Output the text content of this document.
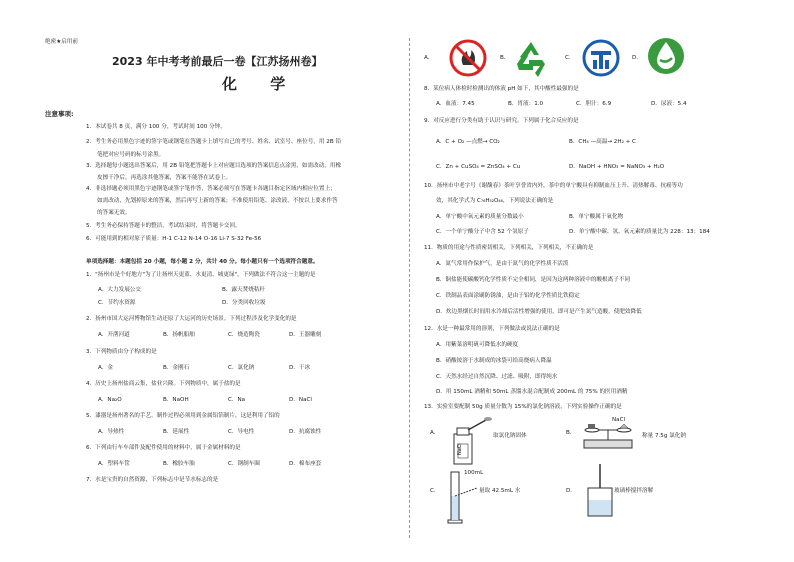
绝密★启用前
2023 年中考考前最后一卷【江苏扬州卷】
化 学
注意事项:
1．本试卷共 8 页，满分 100 分，考试时间 100 分钟。
2．考生务必用黑色字迹的签字笔或钢笔在答题卡上填写自己的考号、姓名、试室号、座位号，用 2B 铅
笔把对应号码的标号涂黑。
3．选择题每小题选出答案后，用 2B 铅笔把答题卡上对应题目选项的答案信息点涂黑，如需改动，用橡
皮擦干净后，再选涂其他答案，答案不能答在试卷上。
4．非选择题必须用黑色字迹钢笔或签字笔作答，答案必须写在答题卡各题目指定区域内相应位置上；
如需改动，先划掉原来的答案，然后再写上新的答案；不准使用铅笔、涂改液，不按以上要求作答
的答案无效。
5．考生务必保持答题卡的整洁，考试结束时，将答题卡交回。
6．可能用到的相对原子质量：H-1 C-12 N-14 O-16 Li-7 S-32 Fe-56
单项选择题：本题包括 20 小题，每小题 2 分，共计 40 分。每小题只有一个选项符合题意。
1．"扬州市是个好地方"为了让扬州天更蓝、水更清、城更绿"，下列做法不符合这一主题的是
A．大力发展公交	B．露天焚烧秸秆
C．节约水资源	D．分类回收垃圾
2．扬州市国大运河博物馆生动还原了大运河的历史场景。下列过程涉及化学变化的是
A．开凿河道	B．扬帆船舶	C．烧造陶瓷	D．王器雕刻
3．下列物质由分子构成的是
A．金	B．金刚石	C．氯化钠	D．干冰
4．历史上扬州盐商云集，盐业兴隆。下列物质中，属于盐的是
A．Na₂O	B．NaOH	C．Na	D．NaCl
5．漆器是扬州著名的手艺。制作过程必须用到金属铝箔制片，这是利用了铝的
A．导热性	B．延展性	C．导电性	D．抗腐蚀性
6．下列由行车车部件及配件使用的材料中，属于金属材料的是
A．塑料车筐	B．橡胶车胎	C．钢制车圈	D．棉布座套
7．水是宝贵的自然资源，下列标志中是节水标志的是
A．	B．	C．	D．
8．某位病人体检时检测出的体液 pH 如下，其中酸性最强的是
A．血液：7.45	B．胃液：1.0	C．胆汁：6.9	D．尿液：5.4
9．对反应进行分类有助于认识与研究。下列属于化合反应的是
A．C + O₂ —点燃→ CO₂	B．CH₄ —高温→ 2H₂ + C
C．Zn + CuSO₄ = ZnSO₄ + Cu	D．NaOH + HNO₃ = NaNO₃ + H₂O
10．扬州市中老字号《谢馥春》茶叶享誉省内外，茶中的单宁酸具有抑制血压上升、清热解毒、抗癌等功
效，其化学式为 C₇₆H₅₂O₄₆，下列说法正确的是
A．单宁酸中氧元素的质量分数最小	B．单宁酸属于氧化物
C．一个单宁酸分子中含 52 个氢原子	D．单宁酸中碳、氢、氧元素的质量比为 228：13：184
11．物质的用途与性质密切相关，下列相关，下列相关，不正确的是
A．氮气常用作保护气，是由于氮气的化学性质不活泼
B．铜盐能使碳酸钙化学性质不完全相同，是因为这两种溶液中的酸根离子不同
C．铁制品表面涂刷防锈油，是由于铝的化学性质比铁稳定
D．炊边黑烟长时间用水冷却后活性增强的使用，即可是产生氮气造酸，使肥效降低
12．水是一种最常用的溶剂，下列做法或说法正确的是
A．用紫菜溶明矾可降低水的硬度
B．硝酸铵溶于水制成的冰袋可给高烧病人降温
C．天然水经过自然沉降、过滤、吸附，即得纯水
D．用 150mL 酒精和 50mL 蒸馏水混合配制成 200mL 的 75% 的医用酒精
13．实验室要配制 50g 质量分数为 15%的氯化钠溶液，下列实验操作正确的是
A．
NaCl
取氯化钠固体	B．
NaCl
称量 7.5g 氯化钠
C．
100mL
量取 42.5mL 水	D．	玻璃棒搅拌溶解
